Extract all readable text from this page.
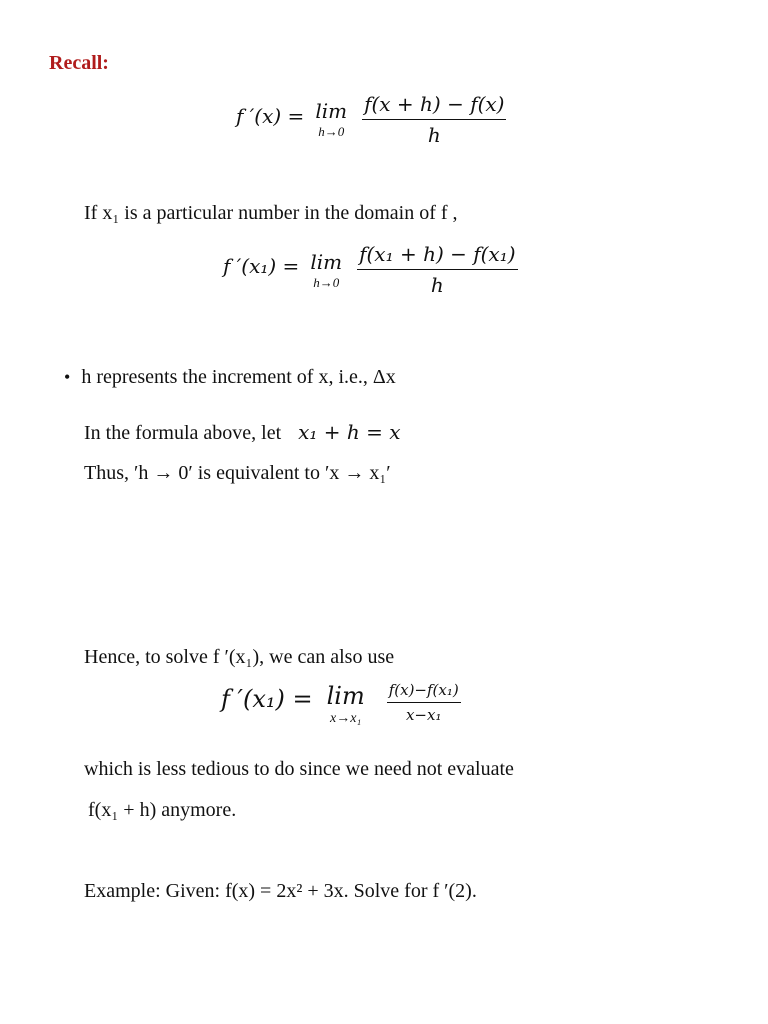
Recall:
f ′(x) = lim
h→0
$\frac{f(x + h) - f(x)}{h}$
If x₁ is a particular number in the domain of f ,
f ′(x₁) = lim
h→0
$\frac{\text{f(x₁ + h) − f(x₁)}}{h}$
• h represents the increment of x, i.e., Δx
In the formula above, let x₁ + h = x
Thus, ′h → 0′ is equivalent to ′x → x₁′
Hence, to solve f ′(x₁), we can also use
f ′(x₁) = lim
x→x₁
$\frac{\text{f(x)−f(x₁)}}{\text{x−x₁}}$
which is less tedious to do since we need not evaluate
f(x₁ + h) anymore.
Example: Given: f(x) = 2x² + 3x. Solve for f ′(2).
